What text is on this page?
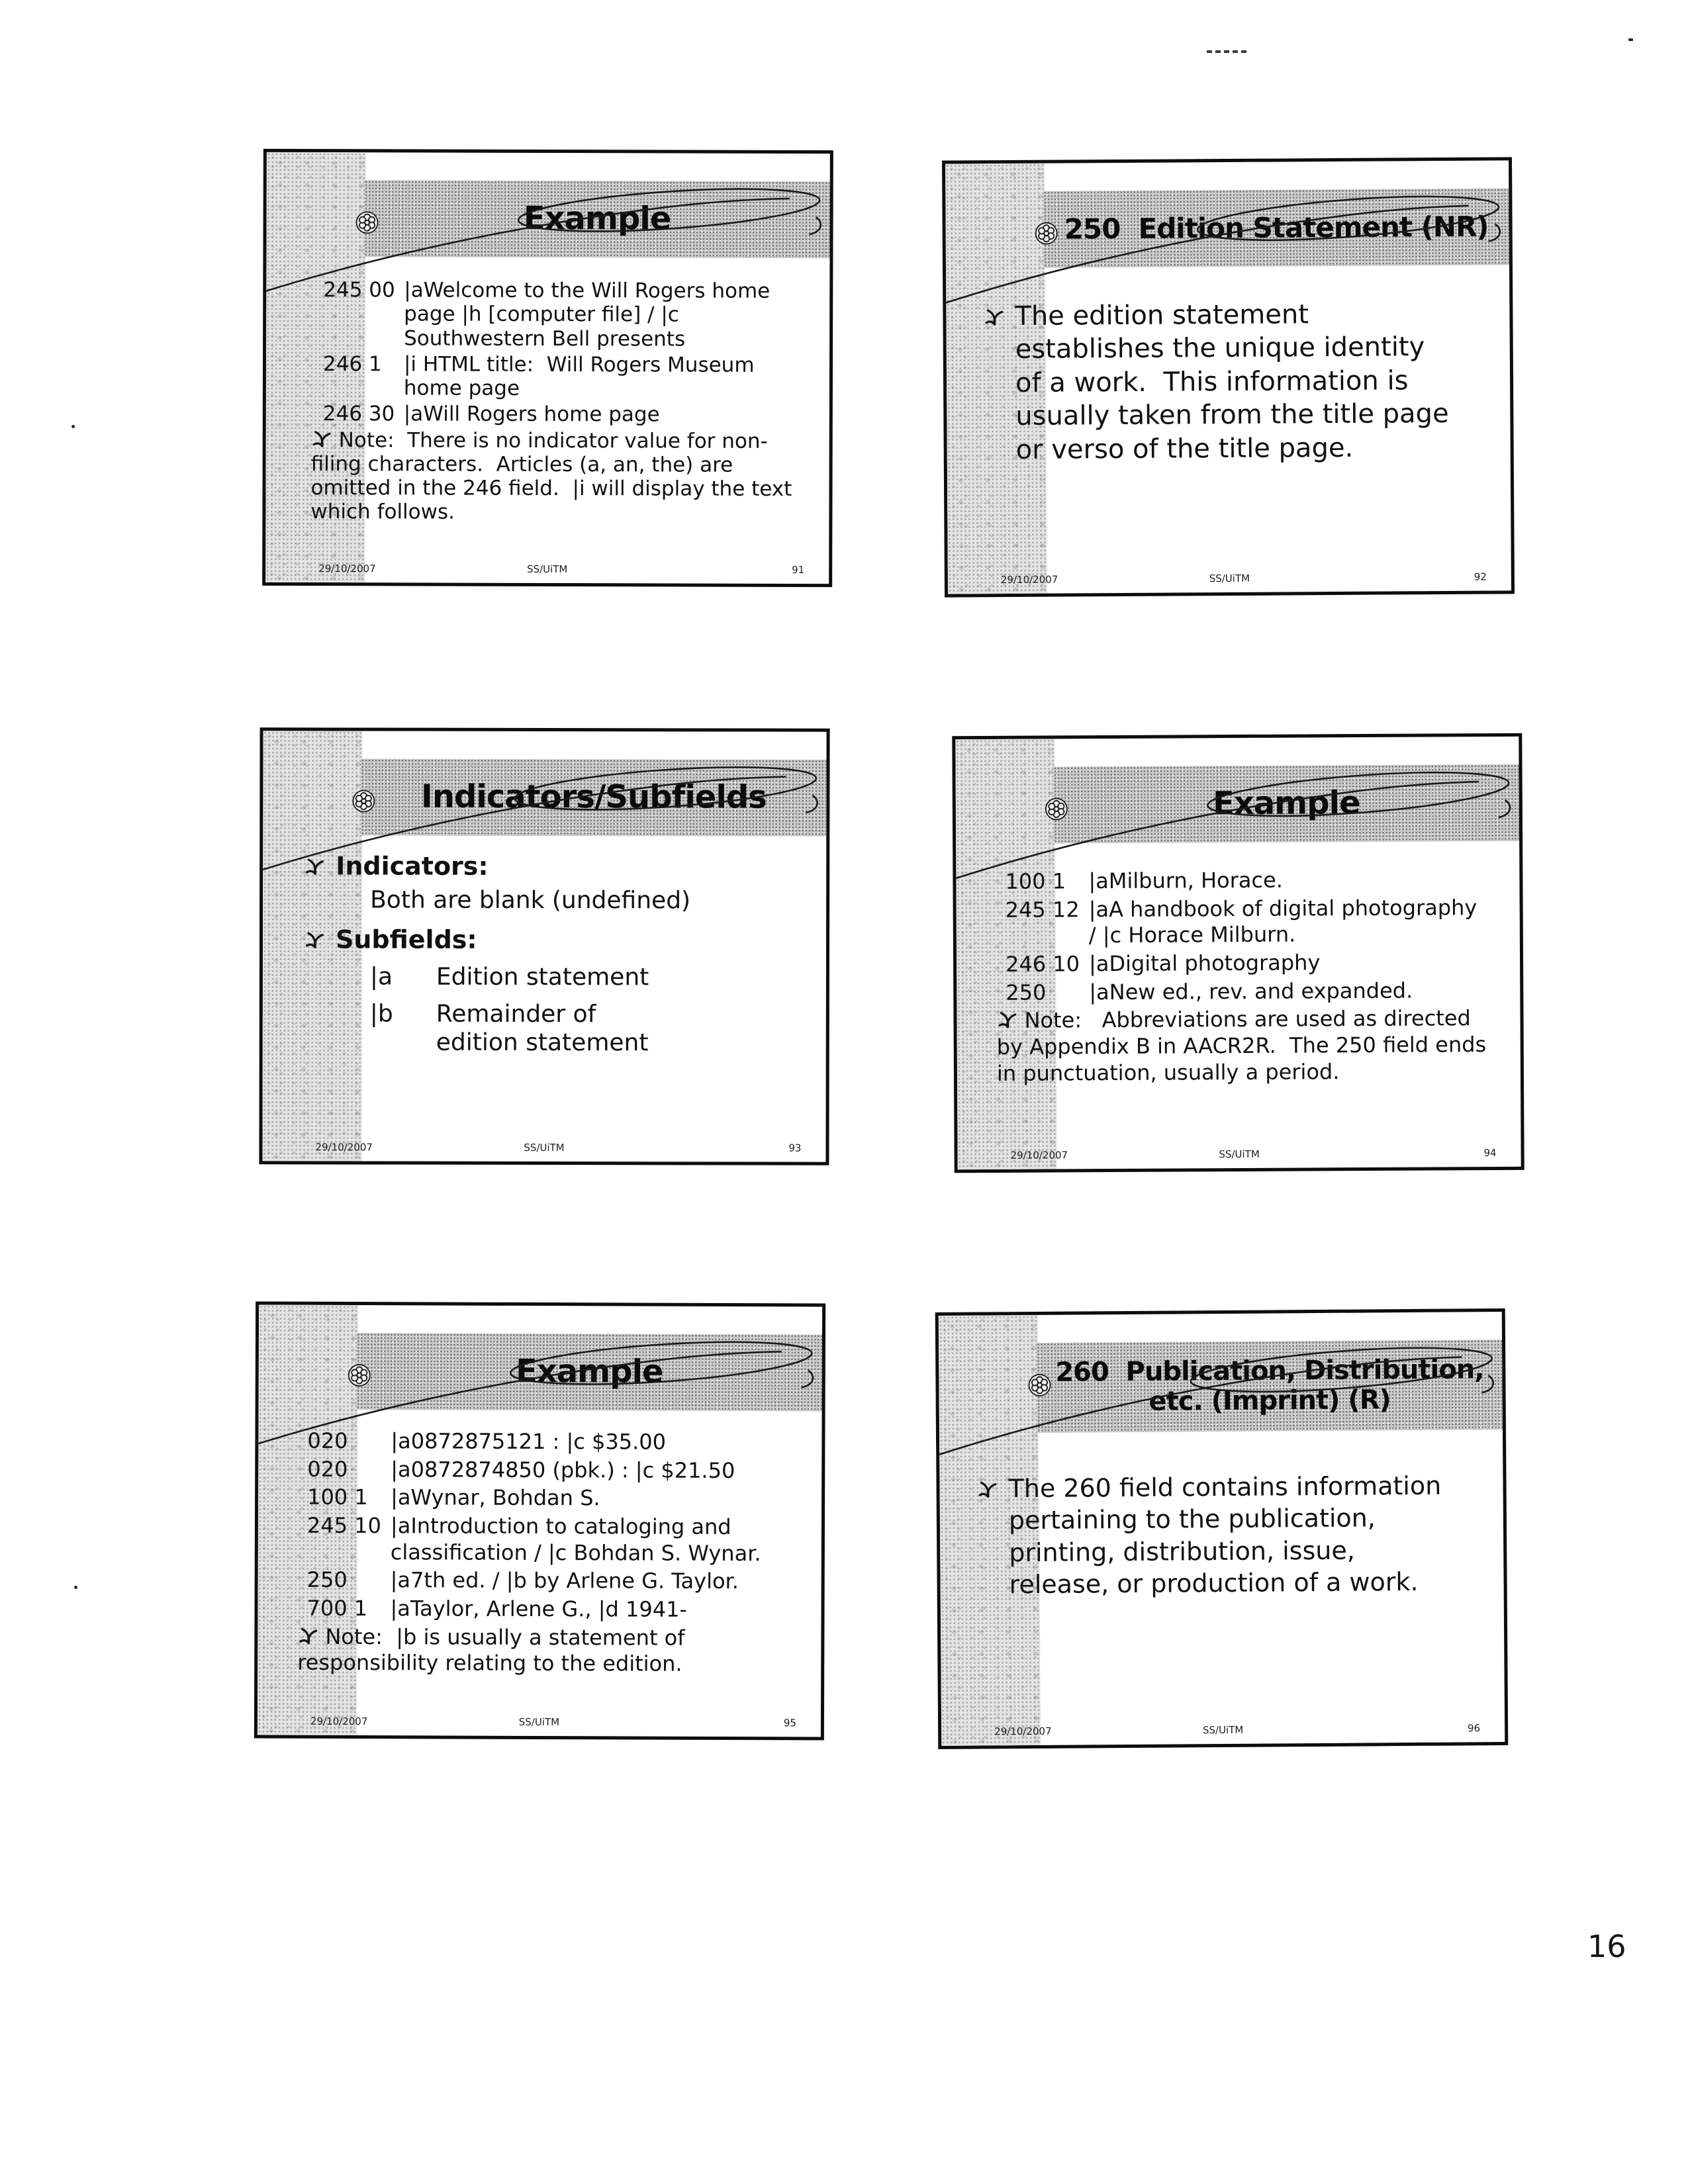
Example
245 00 |aWelcome to the Will Rogers home page |h [computer file] / |c Southwestern Bell presents
246 1	|i HTML title:  Will Rogers Museum home page
246 30 |aWill Rogers home page
Note:  There is no indicator value for non-filing characters.  Articles (a, an, the) are omitted in the 246 field.  |i will display the text which follows.
29/10/2007	SS/UiTM	91
250  Edition Statement (NR)
The edition statement establishes the unique identity of a work.  This information is usually taken from the title page or verso of the title page.
29/10/2007	SS/UiTM	92
Indicators/Subfields
Indicators:
Both are blank (undefined)
Subfields:
|a	Edition statement
|b	Remainder of edition statement
29/10/2007	SS/UiTM	93
Example
100 1	|aMilburn, Horace.
245 12 |aA handbook of digital photography / |c Horace Milburn.
246 10 |aDigital photography
250	|aNew ed., rev. and expanded.
Note:   Abbreviations are used as directed by Appendix B in AACR2R.  The 250 field ends in punctuation, usually a period.
29/10/2007	SS/UiTM	94
Example
020	|a0872875121 : |c $35.00
020	|a0872874850 (pbk.) : |c $21.50
100 1	|aWynar, Bohdan S.
245 10 |aIntroduction to cataloging and classification / |c Bohdan S. Wynar.
250	|a7th ed. / |b by Arlene G. Taylor.
700 1	|aTaylor, Arlene G., |d 1941-
Note:  |b is usually a statement of responsibility relating to the edition.
29/10/2007	SS/UiTM	95
260  Publication, Distribution, etc. (Imprint) (R)
The 260 field contains information pertaining to the publication, printing, distribution, issue, release, or production of a work.
29/10/2007	SS/UiTM	96
16
